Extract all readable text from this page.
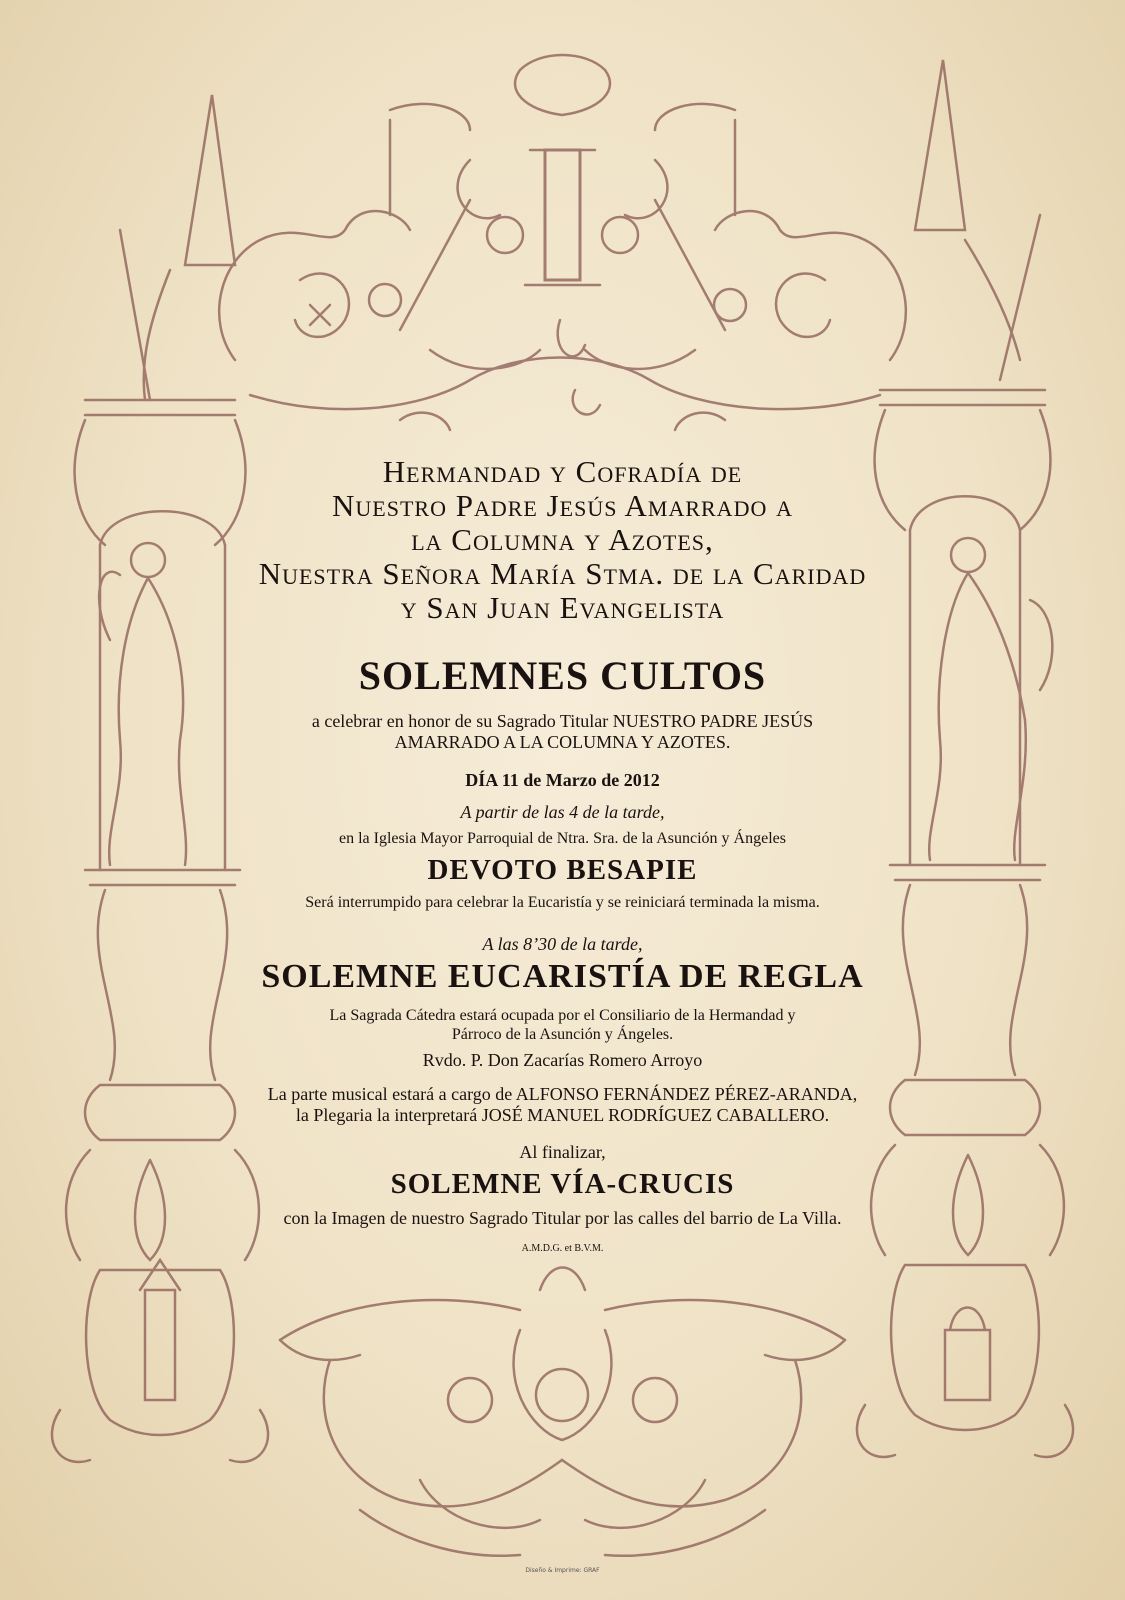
Hermandad y Cofradía de

Nuestro Padre Jesús Amarrado a

la Columna y Azotes,

Nuestra Señora María Stma. de la Caridad

y San Juan Evangelista

SOLEMNES CULTOS

a celebrar en honor de su Sagrado Titular NUESTRO PADRE JESÚS

AMARRADO A LA COLUMNA Y AZOTES.

DÍA 11 de Marzo de 2012

A partir de las 4 de la tarde,

en la Iglesia Mayor Parroquial de Ntra. Sra. de la Asunción y Ángeles

DEVOTO BESAPIE

Será interrumpido para celebrar la Eucaristía y se reiniciará terminada la misma.

A las 8’30 de la tarde,

SOLEMNE EUCARISTÍA DE REGLA

La Sagrada Cátedra estará ocupada por el Consiliario de la Hermandad y

Párroco de la Asunción y Ángeles.

Rvdo. P. Don Zacarías Romero Arroyo

La parte musical estará a cargo de ALFONSO FERNÁNDEZ PÉREZ-ARANDA,

la Plegaria la interpretará JOSÉ MANUEL RODRÍGUEZ CABALLERO.

Al finalizar,

SOLEMNE VÍA-CRUCIS

con la Imagen de nuestro Sagrado Titular por las calles del barrio de La Villa.

A.M.D.G. et B.V.M.

Diseño & Imprime: GRAF
